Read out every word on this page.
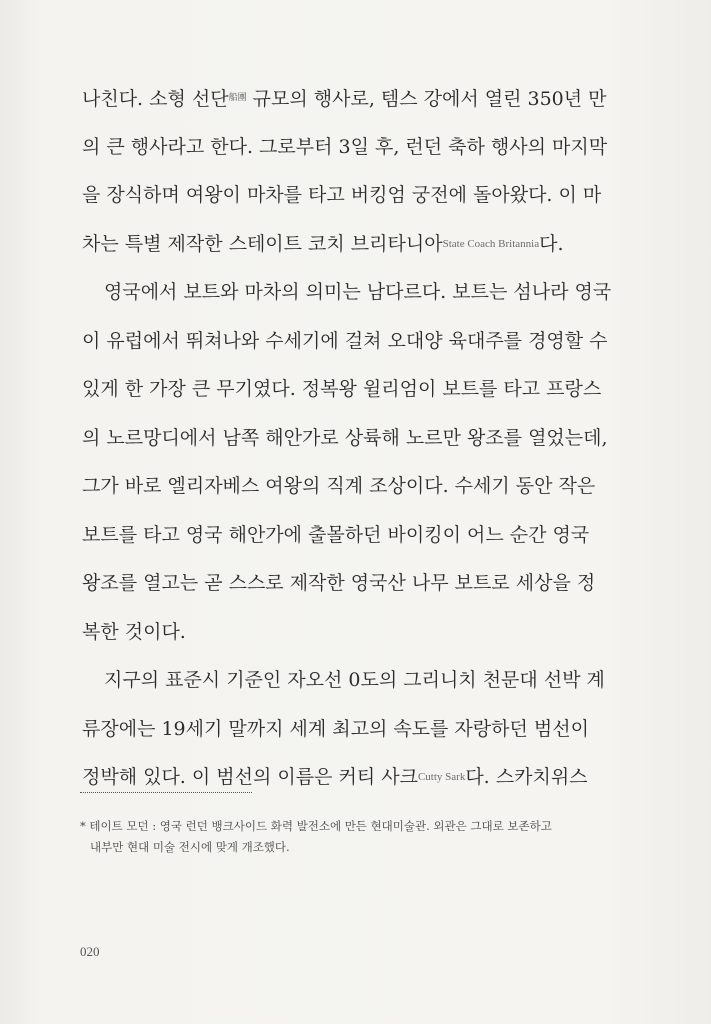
나친다. 소형 선단$^{船團}$ 규모의 행사로, 템스 강에서 열린 350년 만
의 큰 행사라고 한다. 그로부터 3일 후, 런던 축하 행사의 마지막
을 장식하며 여왕이 마차를 타고 버킹엄 궁전에 돌아왔다. 이 마
차는 특별 제작한 스테이트 코치 브리타니아State Coach Britannia다.
영국에서 보트와 마차의 의미는 남다르다. 보트는 섬나라 영국
이 유럽에서 뛰쳐나와 수세기에 걸쳐 오대양 육대주를 경영할 수
있게 한 가장 큰 무기였다. 정복왕 윌리엄이 보트를 타고 프랑스
의 노르망디에서 남쪽 해안가로 상륙해 노르만 왕조를 열었는데,
그가 바로 엘리자베스 여왕의 직계 조상이다. 수세기 동안 작은
보트를 타고 영국 해안가에 출몰하던 바이킹이 어느 순간 영국
왕조를 열고는 곧 스스로 제작한 영국산 나무 보트로 세상을 정
복한 것이다.
지구의 표준시 기준인 자오선 0도의 그리니치 천문대 선박 계
류장에는 19세기 말까지 세계 최고의 속도를 자랑하던 범선이
정박해 있다. 이 범선의 이름은 커티 사크Cutty Sark다. 스카치위스
* 테이트 모던 : 영국 런던 뱅크사이드 화력 발전소에 만든 현대미술관. 외관은 그대로 보존하고
내부만 현대 미술 전시에 맞게 개조했다.
020
